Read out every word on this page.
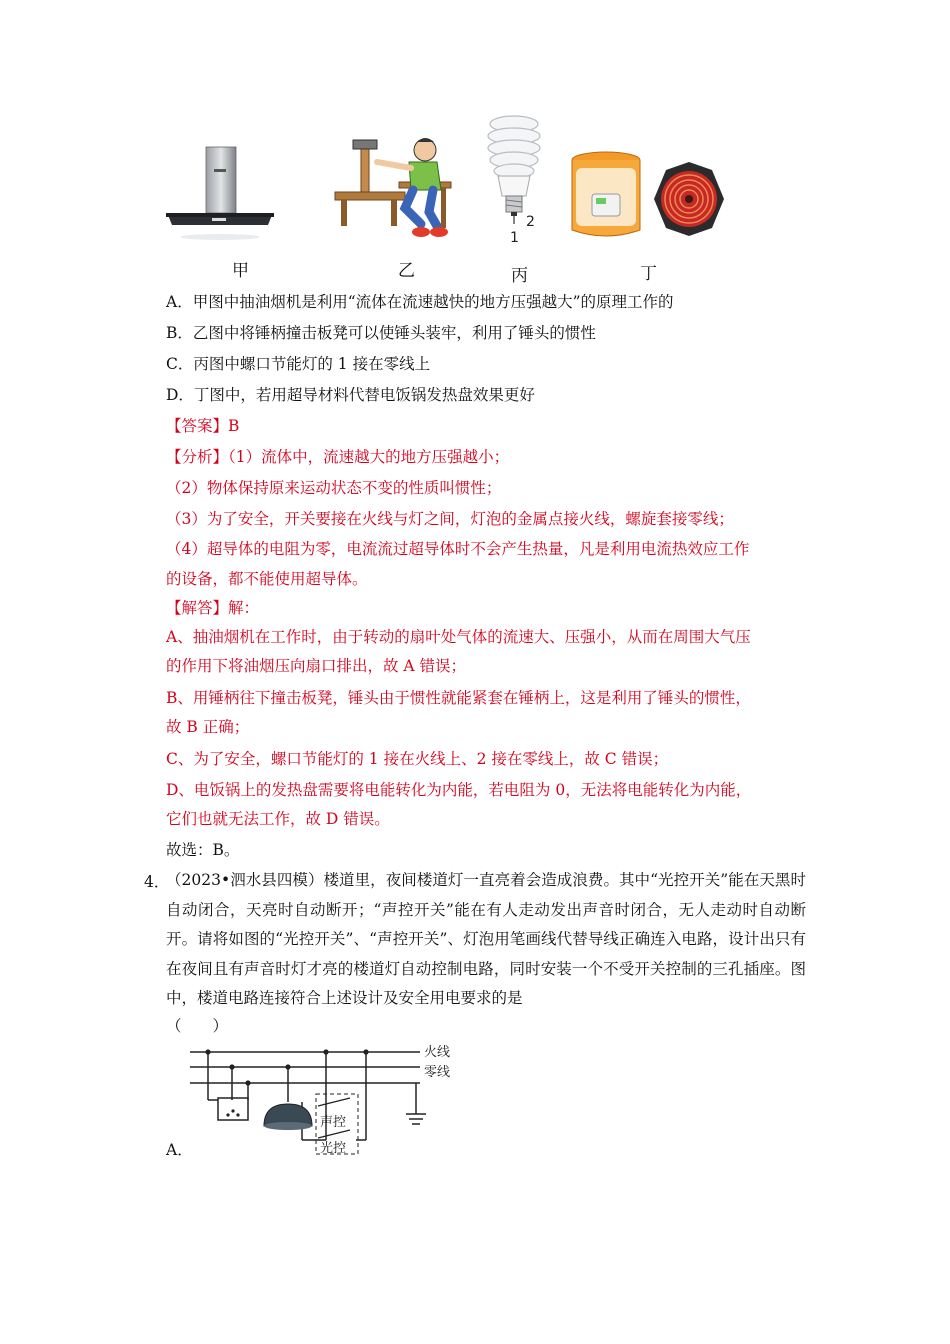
2
1
甲	乙	丙	丁
A．甲图中抽油烟机是利用“流体在流速越快的地方压强越大”的原理工作的
B．乙图中将锤柄撞击板凳可以使锤头装牢，利用了锤头的惯性
C．丙图中螺口节能灯的 1 接在零线上
D．丁图中，若用超导材料代替电饭锅发热盘效果更好
【答案】B
【分析】（1）流体中，流速越大的地方压强越小；
（2）物体保持原来运动状态不变的性质叫惯性；
（3）为了安全，开关要接在火线与灯之间，灯泡的金属点接火线，螺旋套接零线；
（4）超导体的电阻为零，电流流过超导体时不会产生热量，凡是利用电流热效应工作
的设备，都不能使用超导体。
【解答】解：
A、抽油烟机在工作时，由于转动的扇叶处气体的流速大、压强小，从而在周围大气压
的作用下将油烟压向扇口排出，故 A 错误；
B、用锤柄往下撞击板凳，锤头由于惯性就能紧套在锤柄上，这是利用了锤头的惯性，
故 B 正确；
C、为了安全，螺口节能灯的 1 接在火线上、2 接在零线上，故 C 错误；
D、电饭锅上的发热盘需要将电能转化为内能，若电阻为 0，无法将电能转化为内能，
它们也就无法工作，故 D 错误。
故选：B。
4．
（2023•泗水县四模）楼道里，夜间楼道灯一直亮着会造成浪费。其中“光控开关”能在天黑时自动闭合，天亮时自动断开；“声控开关”能在有人走动发出声音时闭合，无人走动时自动断开。请将如图的“光控开关”、“声控开关”、灯泡用笔画线代替导线正确连入电路，设计出只有在夜间且有声音时灯才亮的楼道灯自动控制电路，同时安装一个不受开关控制的三孔插座。图中，楼道电路连接符合上述设计及安全用电要求的是
（　　）
声控
光控
火线
零线
A．
